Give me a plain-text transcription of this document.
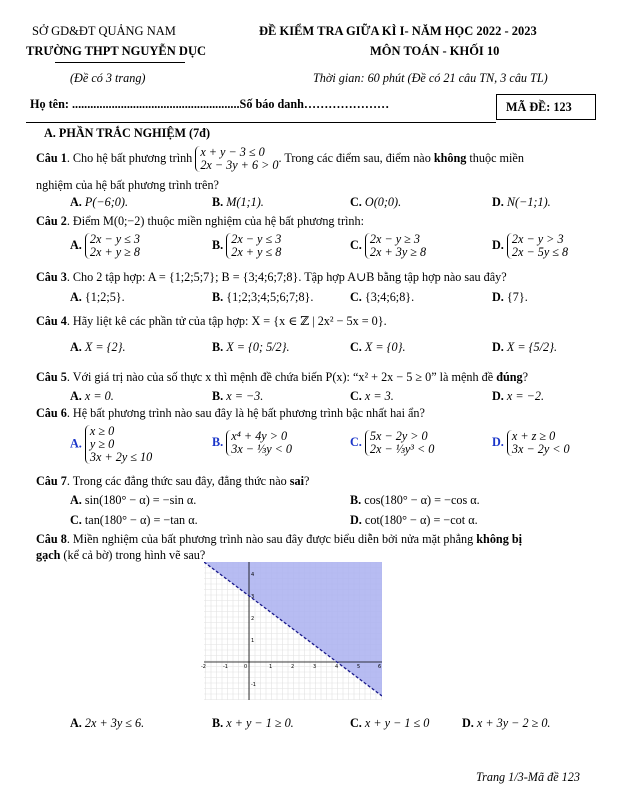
SỞ GD&ĐT QUẢNG NAM
TRƯỜNG THPT NGUYỄN DỤC
(Đề có 3 trang)
ĐỀ KIỂM TRA GIỮA KÌ I- NĂM HỌC 2022 - 2023
MÔN TOÁN - KHỐI 10
Thời gian: 60 phút (Đề có 21 câu TN, 3 câu TL)
Họ tên: .......................................................Số báo danh…………………	MÃ ĐỀ: 123
A. PHẦN TRẮC NGHIỆM (7đ)
Câu 1. Cho hệ bất phương trình x + y − 3 ≤ 0
2x − 3y + 6 > 0
. Trong các điểm sau, điểm nào không thuộc miền
nghiệm của hệ bất phương trình trên?
A. P(−6;0).	B. M(1;1).	C. O(0;0).	D. N(−1;1).
Câu 2. Điểm M(0;−2) thuộc miền nghiệm của hệ bất phương trình:
A. 2x − y ≤ 3
2x + y ≥ 8
B. 2x − y ≤ 3
2x + y ≤ 8
C. 2x − y ≥ 3
2x + 3y ≥ 8
D. 2x − y > 3
2x − 5y ≤ 8
Câu 3. Cho 2 tập hợp: A = {1;2;5;7}; B = {3;4;6;7;8}. Tập hợp A∪B bằng tập hợp nào sau đây?
A. {1;2;5}.	B. {1;2;3;4;5;6;7;8}.	C. {3;4;6;8}.	D. {7}.
Câu 4. Hãy liệt kê các phần tử của tập hợp: X = {x ∈ ℤ | 2x² − 5x = 0}.
A. X = {2}.	B. X = {0; 5/2}.	C. X = {0}.	D. X = {5/2}.
Câu 5. Với giá trị nào của số thực x thì mệnh đề chứa biến P(x): “x² + 2x − 5 ≥ 0” là mệnh đề đúng?
A. x = 0.	B. x = −3.	C. x = 3.	D. x = −2.
Câu 6. Hệ bất phương trình nào sau đây là hệ bất phương trình bậc nhất hai ẩn?
A.
x ≥ 0
y ≥ 0
3x + 2y ≤ 10
B. x⁴ + 4y > 0
3x − ⅓y < 0
C. 5x − 2y > 0
2x − ⅓y³ < 0
D. x + z ≥ 0
3x − 2y < 0
Câu 7. Trong các đẳng thức sau đây, đẳng thức nào sai?
A. sin(180° − α) = −sin α.	B. cos(180° − α) = −cos α.
C. tan(180° − α) = −tan α.	D. cot(180° − α) = −cot α.
Câu 8. Miền nghiệm của bất phương trình nào sau đây được biểu diễn bởi nửa mặt phẳng không bị
gạch (kể cả bờ) trong hình vẽ sau?
-2	-1	0	1	2	3	4	5	6
4
3
2
1
-1
A. 2x + 3y ≤ 6.	B. x + y − 1 ≥ 0.	C. x + y − 1 ≤ 0	D. x + 3y − 2 ≥ 0.
Trang 1/3-Mã đề 123
